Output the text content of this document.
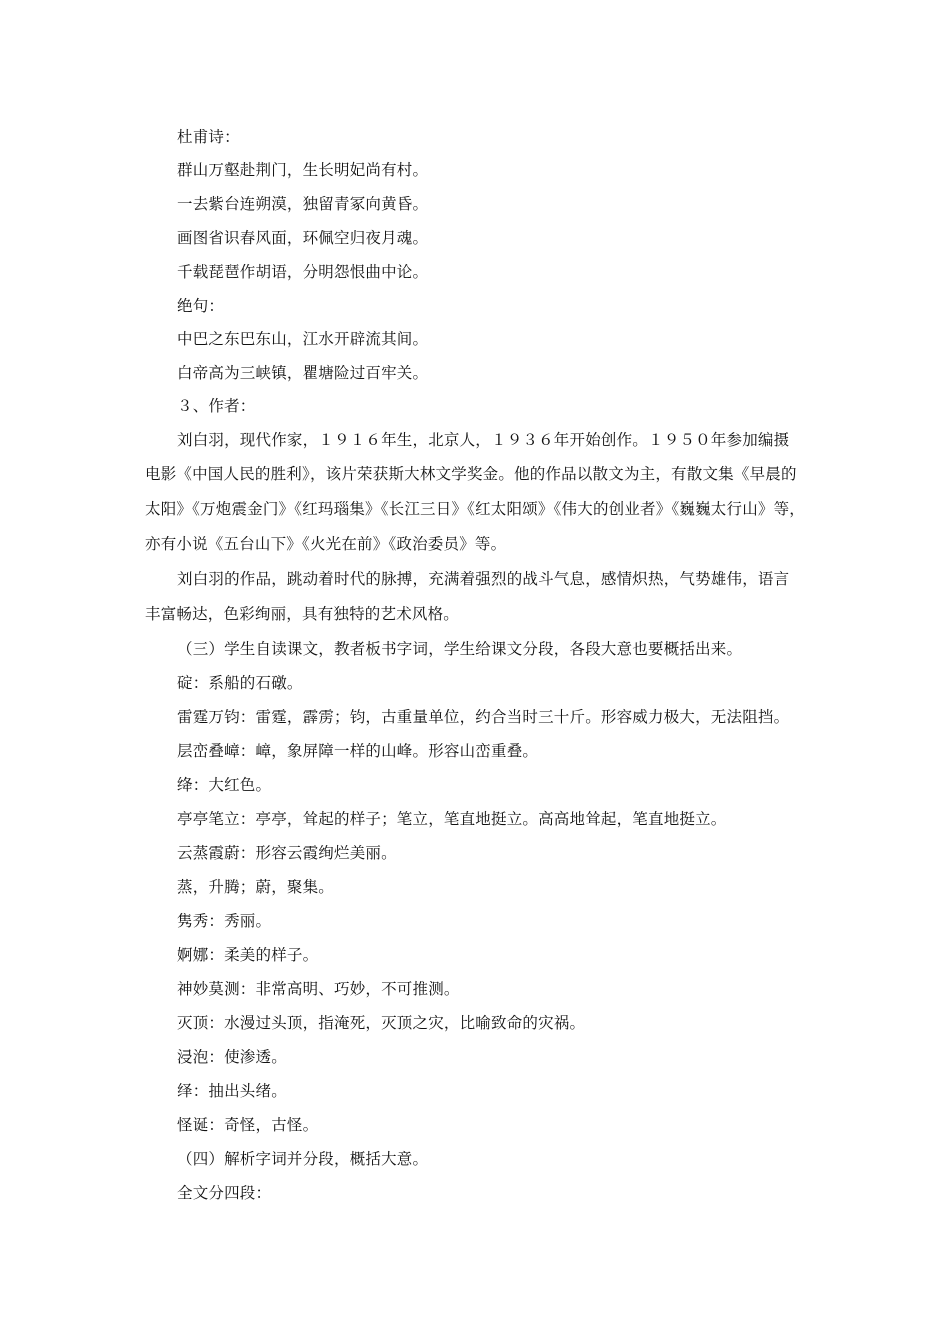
杜甫诗：
群山万壑赴荆门，生长明妃尚有村。
一去紫台连朔漠，独留青冢向黄昏。
画图省识春风面，环佩空归夜月魂。
千载琵琶作胡语，分明怨恨曲中论。
绝句：
中巴之东巴东山，江水开辟流其间。
白帝高为三峡镇，瞿塘险过百牢关。
３、作者：
刘白羽，现代作家，１９１６年生，北京人，１９３６年开始创作。１９５０年参加编摄
电影《中国人民的胜利》，该片荣获斯大林文学奖金。他的作品以散文为主，有散文集《早晨的
太阳》《万炮震金门》《红玛瑙集》《长江三日》《红太阳颂》《伟大的创业者》《巍巍太行山》等，
亦有小说《五台山下》《火光在前》《政治委员》等。
刘白羽的作品，跳动着时代的脉搏，充满着强烈的战斗气息，感情炽热，气势雄伟，语言
丰富畅达，色彩绚丽，具有独特的艺术风格。
（三）学生自读课文，教者板书字词，学生给课文分段，各段大意也要概括出来。
碇：系船的石礅。
雷霆万钧：雷霆，霹雳；钧，古重量单位，约合当时三十斤。形容威力极大，无法阻挡。
层峦叠嶂：嶂，象屏障一样的山峰。形容山峦重叠。
绛：大红色。
亭亭笔立：亭亭，耸起的样子；笔立，笔直地挺立。高高地耸起，笔直地挺立。
云蒸霞蔚：形容云霞绚烂美丽。
蒸，升腾；蔚，聚集。
隽秀：秀丽。
婀娜：柔美的样子。
神妙莫测：非常高明、巧妙，不可推测。
灭顶：水漫过头顶，指淹死，灭顶之灾，比喻致命的灾祸。
浸泡：使渗透。
绎：抽出头绪。
怪诞：奇怪，古怪。
（四）解析字词并分段，概括大意。
全文分四段：
